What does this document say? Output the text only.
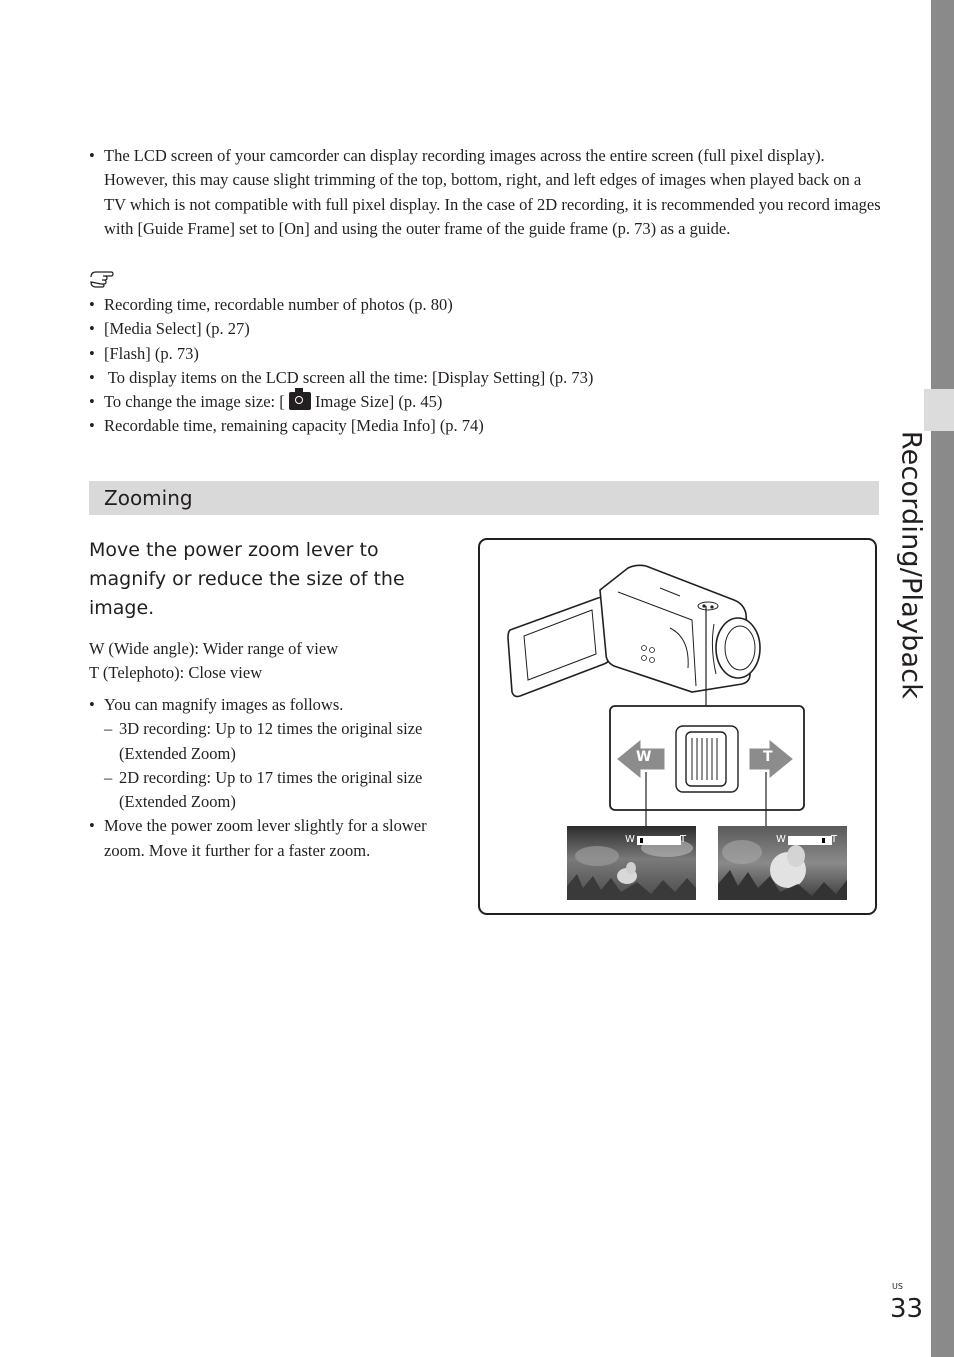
Recording/Playback
• The LCD screen of your camcorder can display recording images across the entire screen (full pixel display). However, this may cause slight trimming of the top, bottom, right, and left edges of images when played back on a TV which is not compatible with full pixel display. In the case of 2D recording, it is recommended you record images with [Guide Frame] set to [On] and using the outer frame of the guide frame (p. 73) as a guide.
• Recording time, recordable number of photos (p. 80)
• [Media Select] (p. 27)
• [Flash] (p. 73)
•  To display items on the LCD screen all the time: [Display Setting] (p. 73)
• To change the image size: [
Image Size] (p. 45)
• Recordable time, remaining capacity [Media Info] (p. 74)
Zooming
Move the power zoom lever to magnify or reduce the size of the image.
W (Wide angle): Wider range of view
T (Telephoto): Close view
• You can magnify images as follows.
– 3D recording: Up to 12 times the original size (Extended Zoom)
– 2D recording: Up to 17 times the original size (Extended Zoom)
• Move the power zoom lever slightly for a slower zoom. Move it further for a faster zoom.
W	T
W	T	W	T
US
33
